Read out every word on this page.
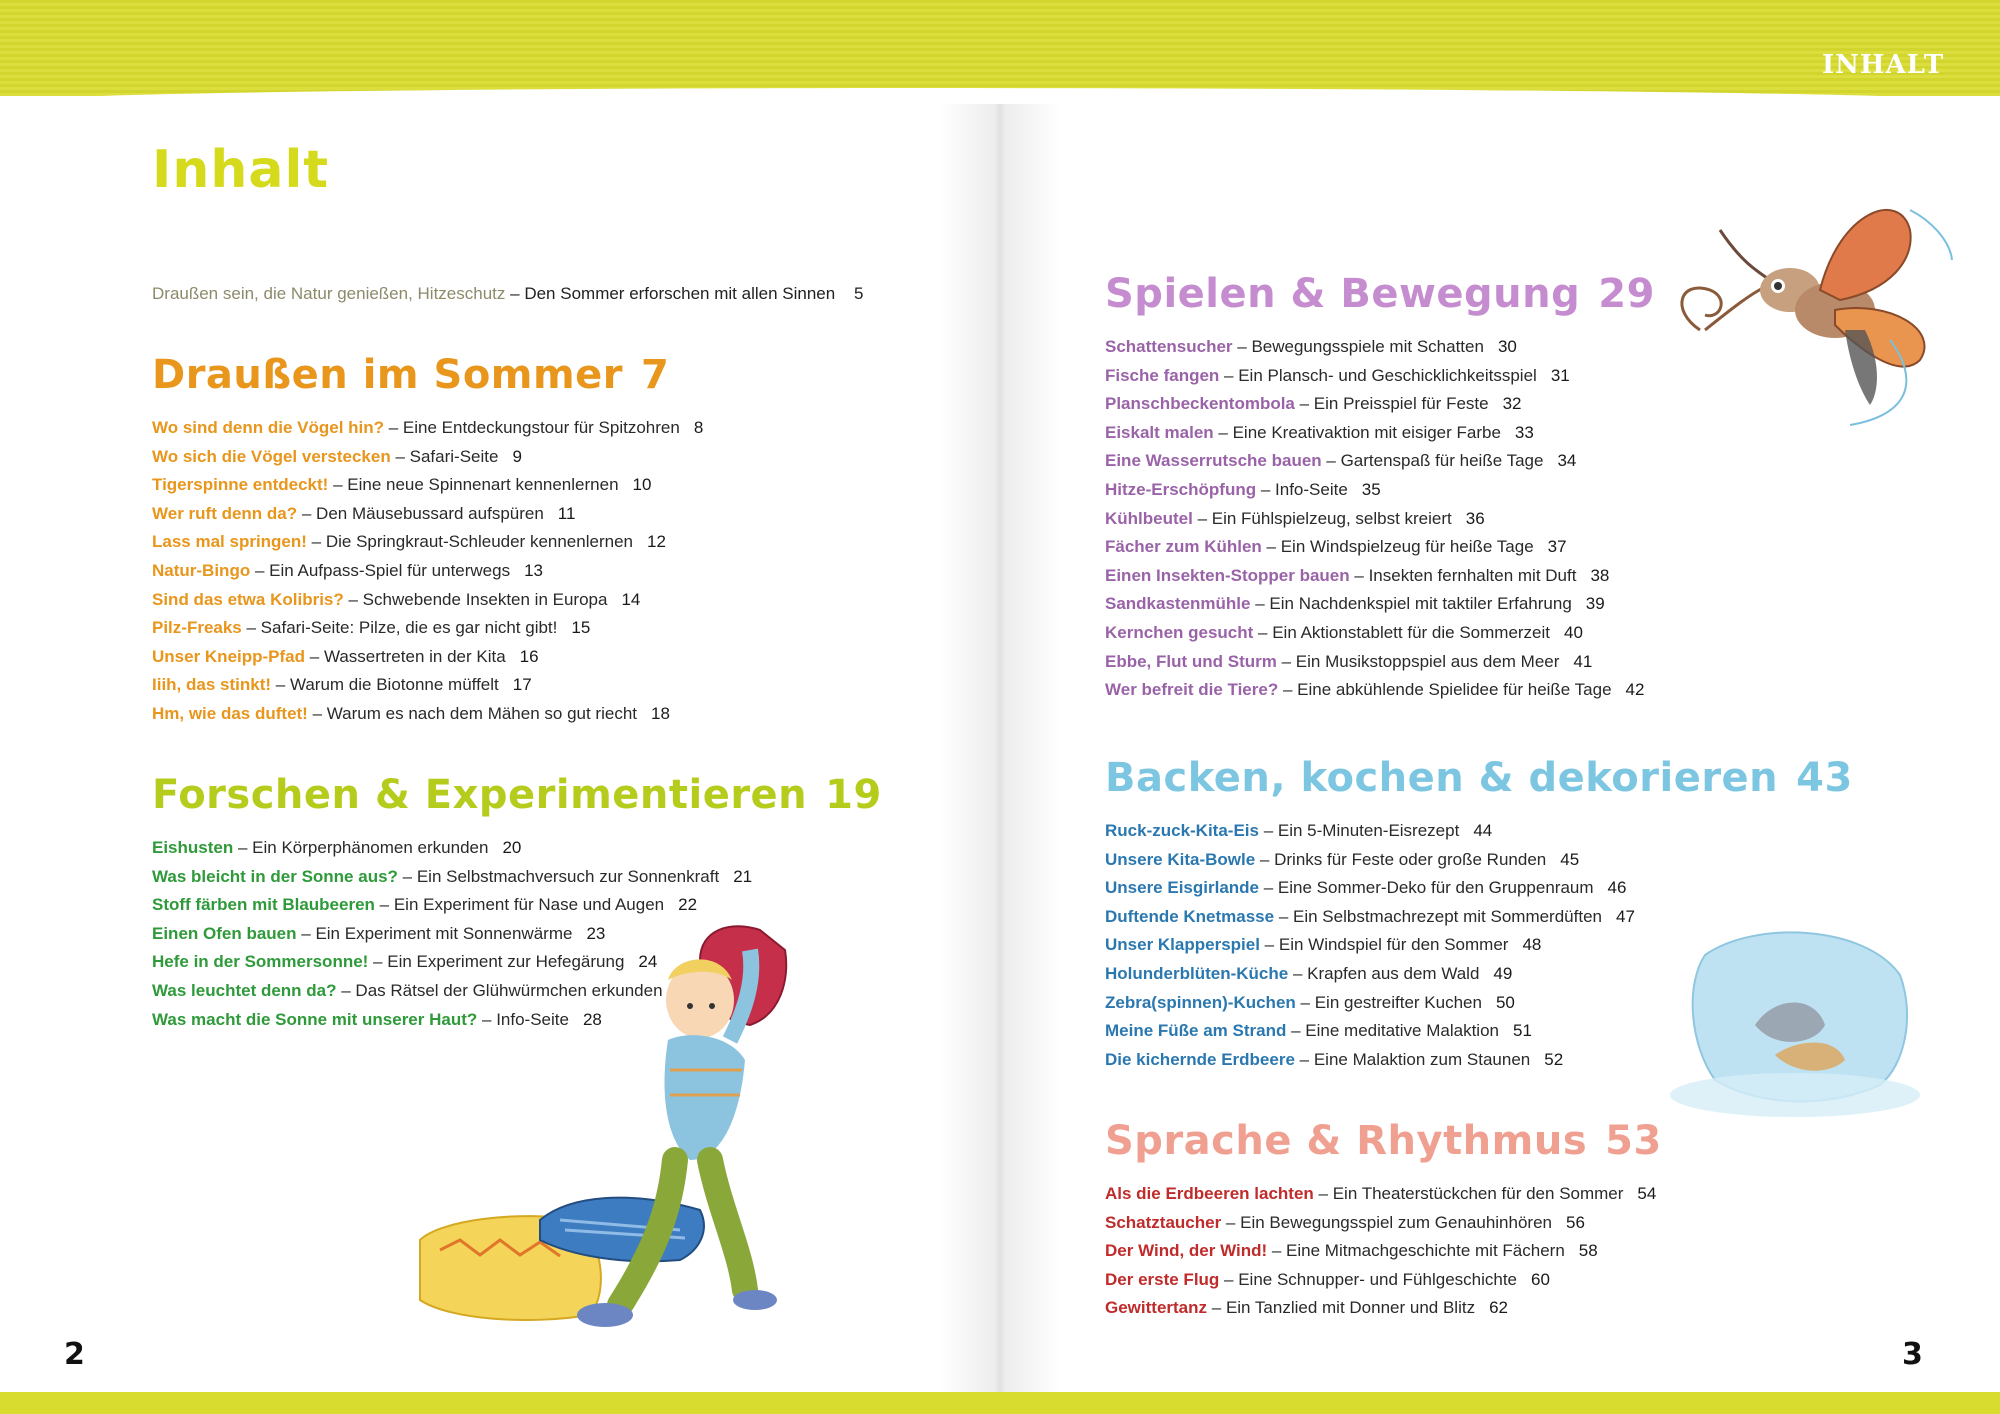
INHALT
Inhalt
Draußen sein, die Natur genießen, Hitzeschutz – Den Sommer erforschen mit allen Sinnen 5
Draußen im Sommer 7
Wo sind denn die Vögel hin? – Eine Entdeckungstour für Spitzohren 8
Wo sich die Vögel verstecken – Safari-Seite 9
Tigerspinne entdeckt! – Eine neue Spinnenart kennenlernen 10
Wer ruft denn da? – Den Mäusebussard aufspüren 11
Lass mal springen! – Die Springkraut-Schleuder kennenlernen 12
Natur-Bingo – Ein Aufpass-Spiel für unterwegs 13
Sind das etwa Kolibris? – Schwebende Insekten in Europa 14
Pilz-Freaks – Safari-Seite: Pilze, die es gar nicht gibt! 15
Unser Kneipp-Pfad – Wassertreten in der Kita 16
Iiih, das stinkt! – Warum die Biotonne müffelt 17
Hm, wie das duftet! – Warum es nach dem Mähen so gut riecht 18
Forschen & Experimentieren 19
Eishusten – Ein Körperphänomen erkunden 20
Was bleicht in der Sonne aus? – Ein Selbstmachversuch zur Sonnenkraft 21
Stoff färben mit Blaubeeren – Ein Experiment für Nase und Augen 22
Einen Ofen bauen – Ein Experiment mit Sonnenwärme 23
Hefe in der Sommersonne! – Ein Experiment zur Hefegärung 24
Was leuchtet denn da? – Das Rätsel der Glühwürmchen erkunden
Was macht die Sonne mit unserer Haut? – Info-Seite 28
Spielen & Bewegung 29
Schattensucher – Bewegungsspiele mit Schatten 30
Fische fangen – Ein Plansch- und Geschicklichkeitsspiel 31
Planschbeckentombola – Ein Preisspiel für Feste 32
Eiskalt malen – Eine Kreativaktion mit eisiger Farbe 33
Eine Wasserrutsche bauen – Gartenspaß für heiße Tage 34
Hitze-Erschöpfung – Info-Seite 35
Kühlbeutel – Ein Fühlspielzeug, selbst kreiert 36
Fächer zum Kühlen – Ein Windspielzeug für heiße Tage 37
Einen Insekten-Stopper bauen – Insekten fernhalten mit Duft 38
Sandkastenmühle – Ein Nachdenkspiel mit taktiler Erfahrung 39
Kernchen gesucht – Ein Aktionstablett für die Sommerzeit 40
Ebbe, Flut und Sturm – Ein Musikstoppspiel aus dem Meer 41
Wer befreit die Tiere? – Eine abkühlende Spielidee für heiße Tage 42
Backen, kochen & dekorieren 43
Ruck-zuck-Kita-Eis – Ein 5-Minuten-Eisrezept 44
Unsere Kita-Bowle – Drinks für Feste oder große Runden 45
Unsere Eisgirlande – Eine Sommer-Deko für den Gruppenraum 46
Duftende Knetmasse – Ein Selbstmachrezept mit Sommerdüften 47
Unser Klapperspiel – Ein Windspiel für den Sommer 48
Holunderblüten-Küche – Krapfen aus dem Wald 49
Zebra(spinnen)-Kuchen – Ein gestreifter Kuchen 50
Meine Füße am Strand – Eine meditative Malaktion 51
Die kichernde Erdbeere – Eine Malaktion zum Staunen 52
Sprache & Rhythmus 53
Als die Erdbeeren lachten – Ein Theaterstückchen für den Sommer 54
Schatztaucher – Ein Bewegungsspiel zum Genauhinhören 56
Der Wind, der Wind! – Eine Mitmachgeschichte mit Fächern 58
Der erste Flug – Eine Schnupper- und Fühlgeschichte 60
Gewittertanz – Ein Tanzlied mit Donner und Blitz 62
2	3
